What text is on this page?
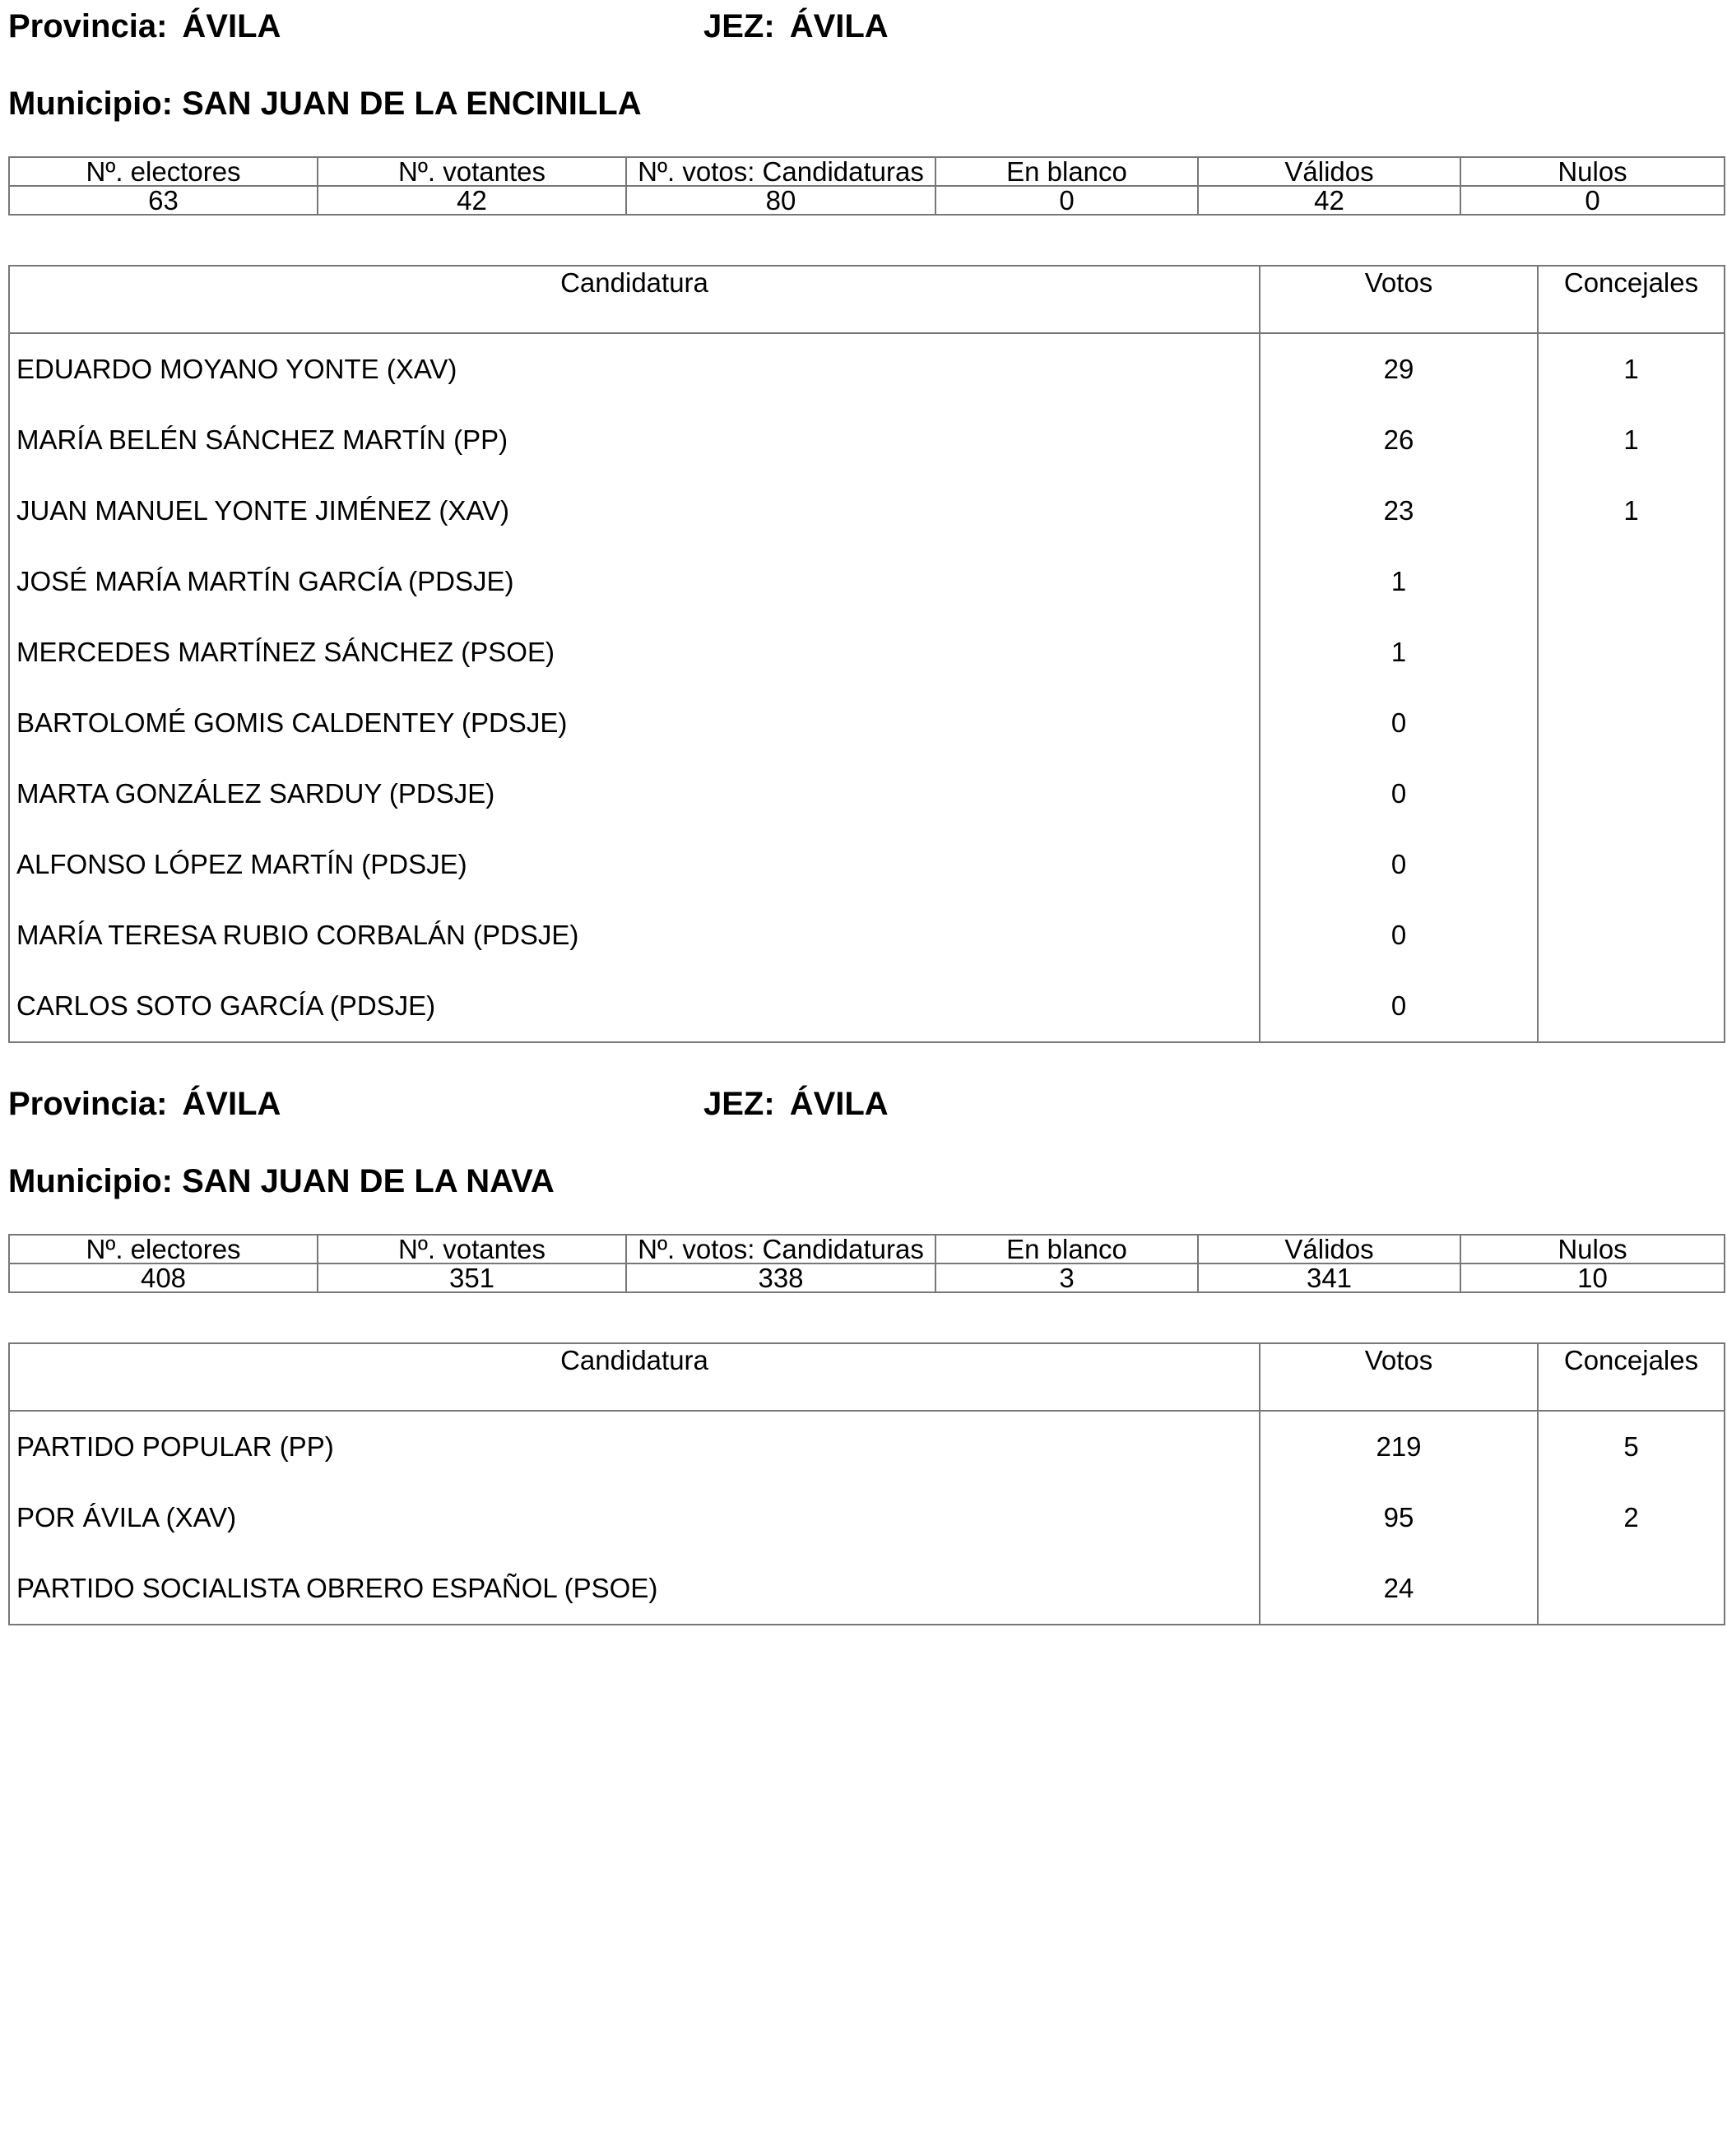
Provincia: ÁVILA	JEZ: ÁVILA
Municipio: SAN JUAN DE LA ENCINILLA
Nº. electores	Nº. votantes	Nº. votos: Candidaturas	En blanco	Válidos	Nulos
63	42	80	0	42	0
Candidatura	Votos	Concejales
EDUARDO MOYANO YONTE (XAV)	29	1
MARÍA BELÉN SÁNCHEZ MARTÍN (PP)	26	1
JUAN MANUEL YONTE JIMÉNEZ (XAV)	23	1
JOSÉ MARÍA MARTÍN GARCÍA (PDSJE)	1	
MERCEDES MARTÍNEZ SÁNCHEZ (PSOE)	1	
BARTOLOMÉ GOMIS CALDENTEY (PDSJE)	0	
MARTA GONZÁLEZ SARDUY (PDSJE)	0	
ALFONSO LÓPEZ MARTÍN (PDSJE)	0	
MARÍA TERESA RUBIO CORBALÁN (PDSJE)	0	
CARLOS SOTO GARCÍA (PDSJE)	0	
Provincia: ÁVILA	JEZ: ÁVILA
Municipio: SAN JUAN DE LA NAVA
Nº. electores	Nº. votantes	Nº. votos: Candidaturas	En blanco	Válidos	Nulos
408	351	338	3	341	10
Candidatura	Votos	Concejales
PARTIDO POPULAR (PP)	219	5
POR ÁVILA (XAV)	95	2
PARTIDO SOCIALISTA OBRERO ESPAÑOL (PSOE)	24	
